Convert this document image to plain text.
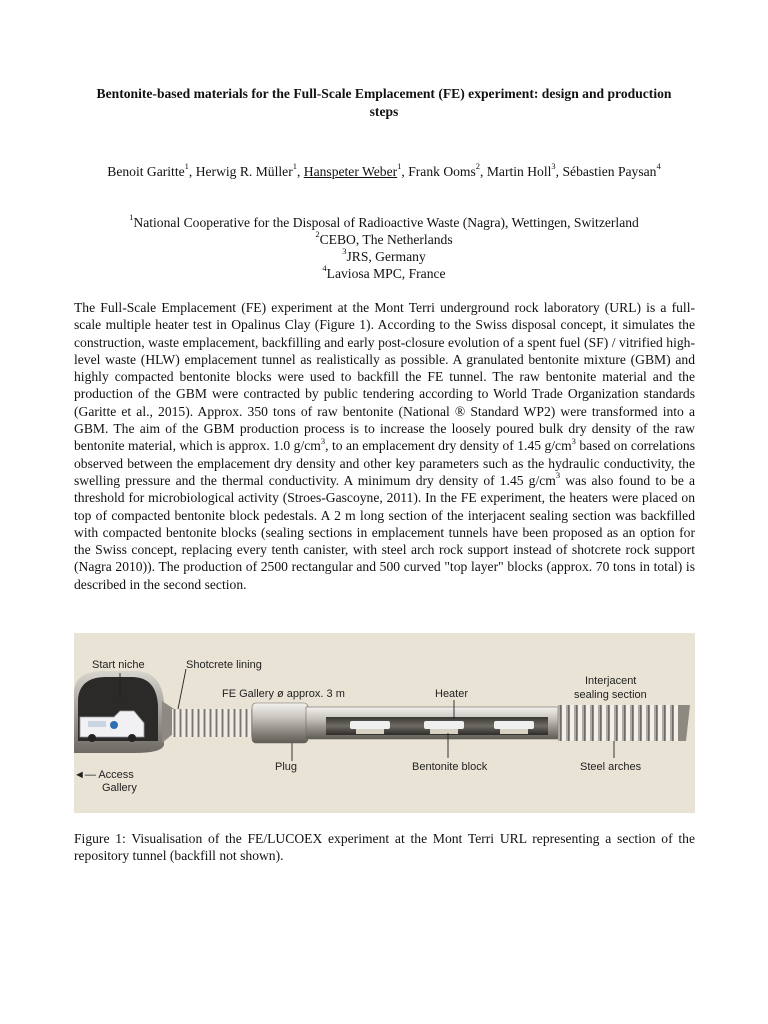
Bentonite-based materials for the Full-Scale Emplacement (FE) experiment: design and production steps
Benoit Garitte$^1$, Herwig R. Müller$^1$, Hanspeter Weber$^1$, Frank Ooms$^2$, Martin Holl$^3$, Sébastien Paysan$^4$
$^1$National Cooperative for the Disposal of Radioactive Waste (Nagra), Wettingen, Switzerland
$^2$CEBO, The Netherlands
$^3$JRS, Germany
$^4$Laviosa MPC, France

The Full-Scale Emplacement (FE) experiment at the Mont Terri underground rock laboratory (URL) is a full-scale multiple heater test in Opalinus Clay (Figure 1). According to the Swiss disposal concept, it simulates the construction, waste emplacement, backfilling and early post-closure evolution of a spent fuel (SF) / vitrified high-level waste (HLW) emplacement tunnel as realistically as possible. A granulated bentonite mixture (GBM) and highly compacted bentonite blocks were used to backfill the FE tunnel. The raw bentonite material and the production of the GBM were contracted by public tendering according to World Trade Organization standards (Garitte et al., 2015). Approx. 350 tons of raw bentonite (National ® Standard WP2) were transformed into a GBM. The aim of the GBM production process is to increase the loosely poured bulk dry density of the raw bentonite material, which is approx. 1.0 $g/cm^3$, to an emplacement dry density of 1.45 $g/cm^3$ based on correlations observed between the emplacement dry density and other key parameters such as the hydraulic conductivity, the swelling pressure and the thermal conductivity. A minimum dry density of 1.45 $g/cm^3$ was also found to be a threshold for microbiological activity (Stroes-Gascoyne, 2011). In the FE experiment, the heaters were placed on top of compacted bentonite block pedestals. A 2 m long section of the interjacent sealing section was backfilled with compacted bentonite blocks (sealing sections in emplacement tunnels have been proposed as an option for the Swiss concept, replacing every tenth canister, with steel arch rock support instead of shotcrete rock support (Nagra 2010)). The production of 2500 rectangular and 500 curved "top layer" blocks (approx. 70 tons in total) is described in the second section.

Start niche	Shotcrete lining
FE Gallery ø approx. 3 m	Heater
Interjacent
sealing section
Plug	Bentonite block	Steel arches
◄— Access
Gallery
Figure 1: Visualisation of the FE/LUCOEX experiment at the Mont Terri URL representing a section of the repository tunnel (backfill not shown).
